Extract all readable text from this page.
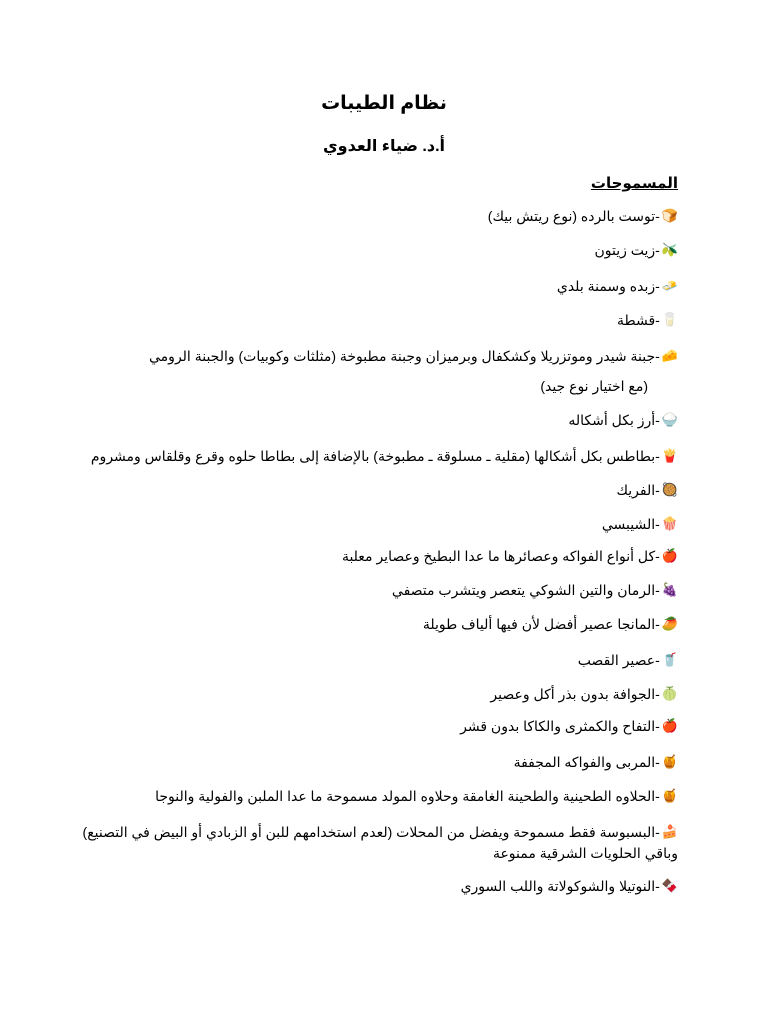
نظام الطيبات
أ.د. ضياء العدوي
المسموحات
🍞-توست بالرده (نوع ريتش بيك)
🫒-زيت زيتون
🧈-زبده وسمنة بلدي
🥛-قشطة
🧀-جبنة شيدر وموتزريلا وكشكفال وبرميزان وجبنة مطبوخة (مثلثات وكوبيات) والجبنة الرومي
(مع اختيار نوع جيد)
🍚-أرز بكل أشكاله
🍟-بطاطس بكل أشكالها (مقلية ـ مسلوقة ـ مطبوخة) بالإضافة إلى بطاطا حلوه وقرع وقلقاس ومشروم
🥘-الفريك
🍿-الشيبسي
🍎-كل أنواع الفواكه وعصائرها ما عدا البطيخ وعصاير معلبة
🍇-الرمان والتين الشوكي يتعصر ويتشرب متصفي
🥭-المانجا عصير أفضل لأن فيها ألياف طويلة
🥤-عصير القصب
🍈-الجوافة بدون بذر أكل وعصير
🍎-التفاح والكمثرى والكاكا بدون قشر
🍯-المربى والفواكه المجففة
🍯-الحلاوه الطحينية والطحينة الغامقة وحلاوه المولد مسموحة ما عدا الملبن والفولية والنوجا
🍰-البسبوسة فقط مسموحة ويفضل من المحلات (لعدم استخدامهم للبن أو الزبادي أو البيض في التصنيع) وباقي الحلويات الشرقية ممنوعة
🍫-النوتيلا والشوكولاتة واللب السوري
